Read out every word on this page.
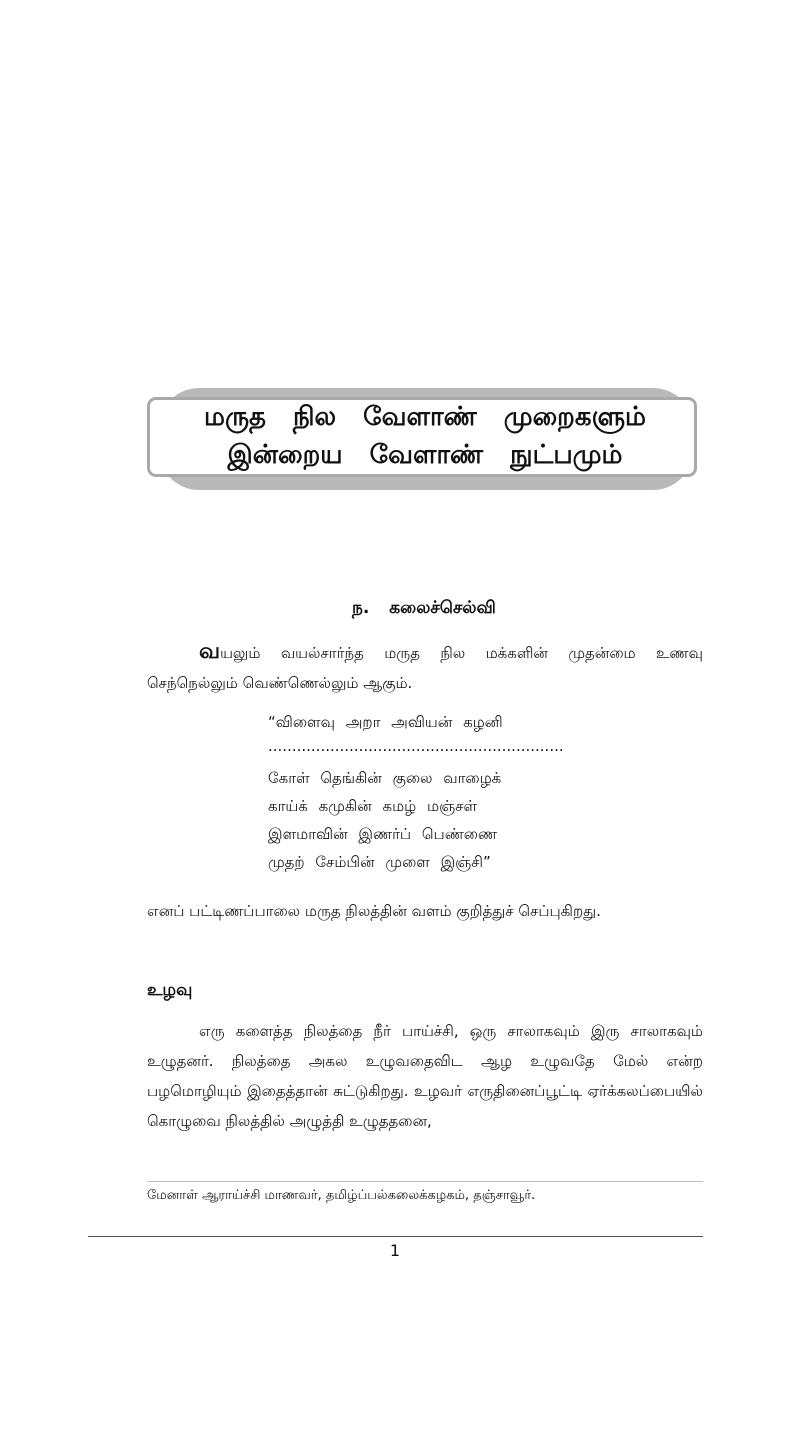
மருத நில வேளாண் முறைகளும்
இன்றைய வேளாண் நுட்பமும்
ந. கலைச்செல்வி
வயலும் வயல்சார்ந்த மருத நில மக்களின் முதன்மை உணவு செந்நெல்லும் வெண்ணெல்லும் ஆகும்.
“விளைவு அறா அவியன் கழனி
..............................................................
கோள் தெங்கின் குலை வாழைக்
காய்க் கமுகின் கமழ் மஞ்சள்
இளமாவின் இணர்ப் பெண்ணை
முதற் சேம்பின் முளை இஞ்சி”
எனப் பட்டிணப்பாலை மருத நிலத்தின் வளம் குறித்துச் செப்புகிறது.
உழவு
எரு களைத்த நிலத்தை நீர் பாய்ச்சி, ஒரு சாலாகவும் இரு சாலாகவும் உழுதனர். நிலத்தை அகல உழுவதைவிட ஆழ உழுவதே மேல் என்ற பழமொழியும் இதைத்தான் சுட்டுகிறது. உழவர் எருதினைப்பூட்டி ஏர்க்கலப்பையில் கொழுவை நிலத்தில் அழுத்தி உழுததனை,
மேனாள் ஆராய்ச்சி மாணவர், தமிழ்ப்பல்கலைக்கழகம், தஞ்சாவூர்.
1
